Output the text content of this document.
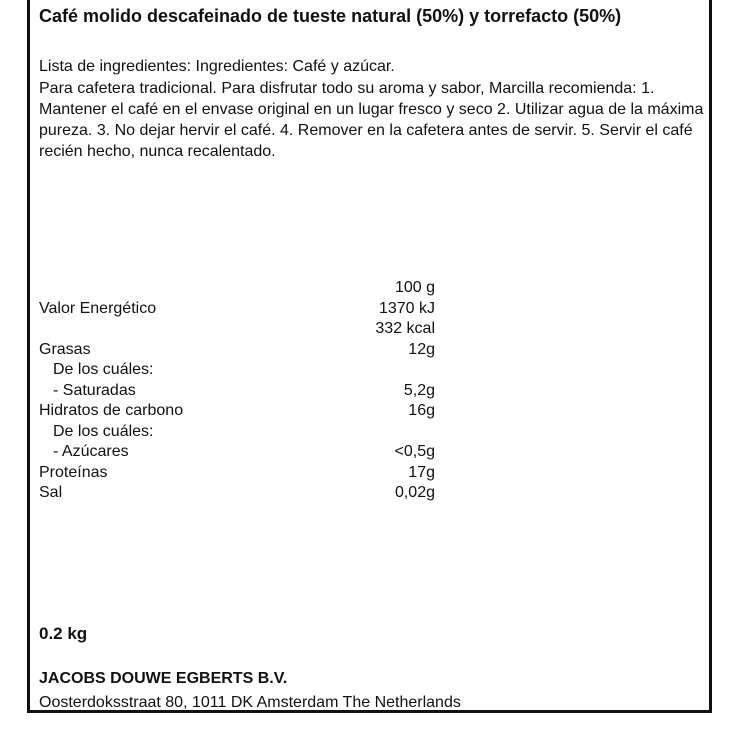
Café molido descafeinado de tueste natural (50%) y torrefacto (50%)

Lista de ingredientes: Ingredientes: Café y azúcar.

Para cafetera tradicional. Para disfrutar todo su aroma y sabor, Marcilla recomienda: 1. Mantener el café en el envase original en un lugar fresco y seco 2. Utilizar agua de la máxima pureza. 3. No dejar hervir el café. 4. Remover en la cafetera antes de servir. 5. Servir el café recién hecho, nunca recalentado.

100 g
Valor Energético	1370 kJ
332 kcal
Grasas	12g
De los cuáles:
- Saturadas	5,2g
Hidratos de carbono	16g
De los cuáles:
- Azúcares	<0,5g
Proteínas	17g
Sal	0,02g
0.2 kg
JACOBS DOUWE EGBERTS B.V.
Oosterdoksstraat 80, 1011 DK Amsterdam The Netherlands
